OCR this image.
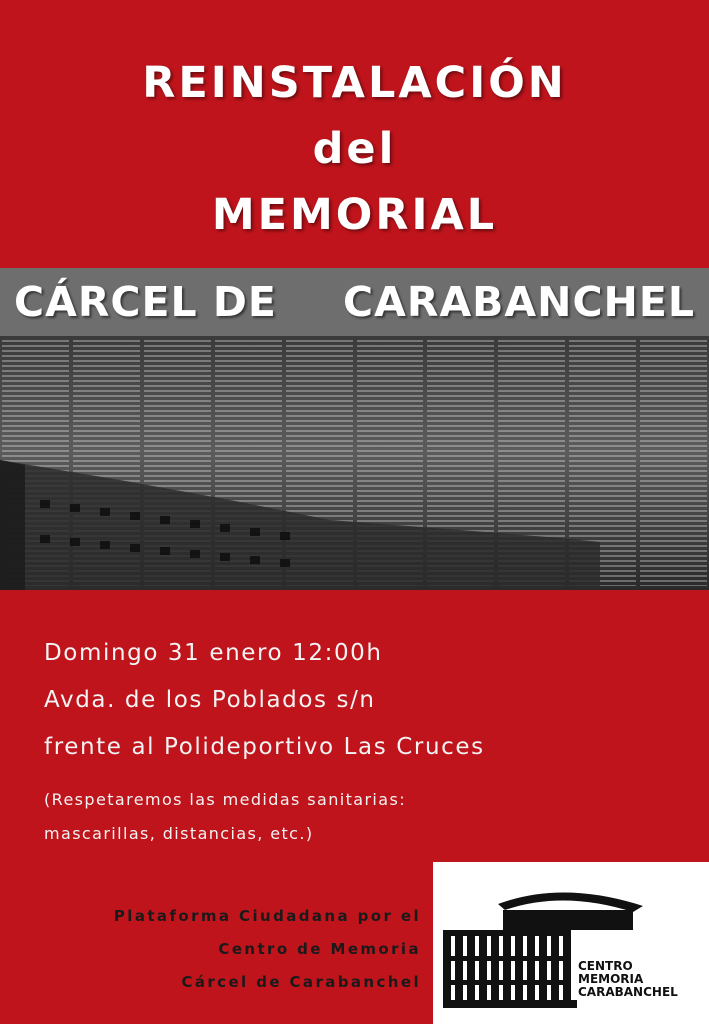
REINSTALACIÓN
del
MEMORIAL
CÁRCEL DE CARABANCHEL
Domingo 31 enero 12:00h
Avda. de los Poblados s/n
frente al Polideportivo Las Cruces
(Respetaremos las medidas sanitarias:
mascarillas, distancias, etc.)
Plataforma Ciudadana por el
Centro de Memoria
Cárcel de Carabanchel
CENTRO
MEMORIA
CARABANCHEL
